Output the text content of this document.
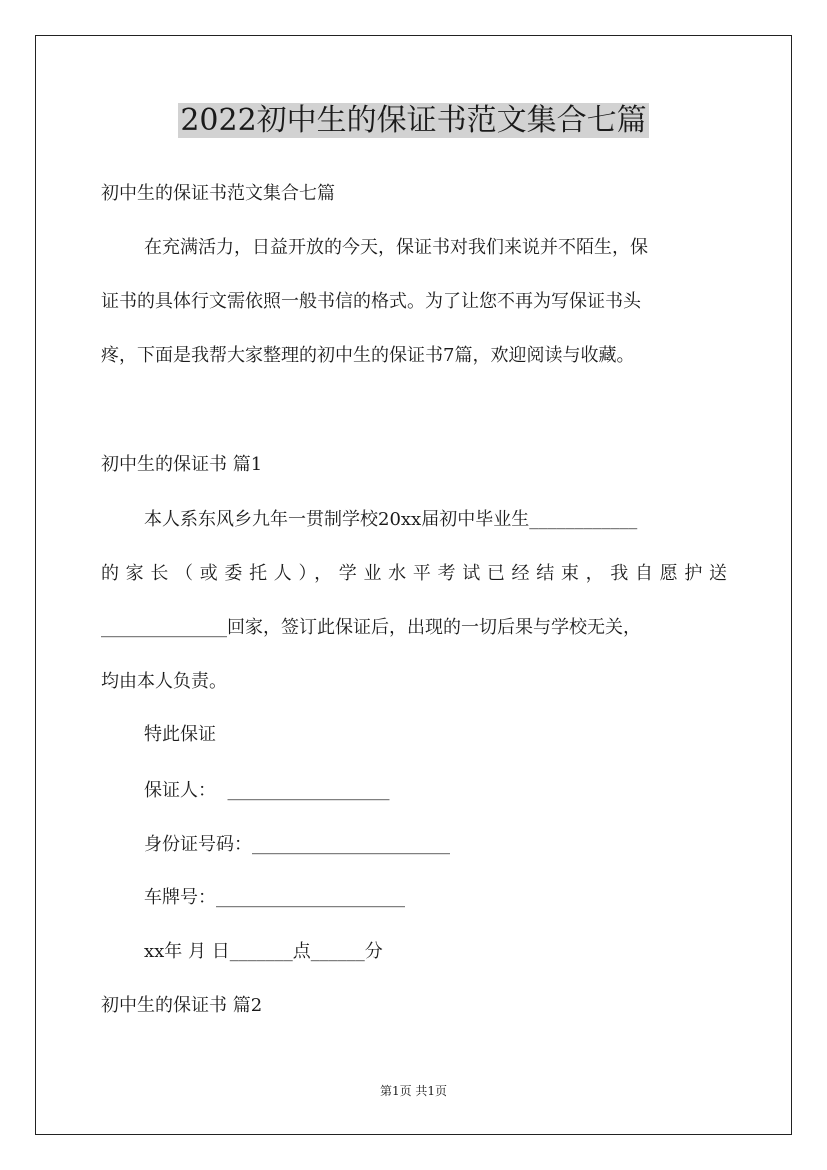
2022初中生的保证书范文集合七篇
初中生的保证书范文集合七篇
在充满活力，日益开放的今天，保证书对我们来说并不陌生，保
证书的具体行文需依照一般书信的格式。为了让您不再为写保证书头
疼，下面是我帮大家整理的初中生的保证书7篇，欢迎阅读与收藏。
初中生的保证书 篇1
本人系东风乡九年一贯制学校20xx届初中毕业生____________
的家长（或委托人），学业水平考试已经结束，我自愿护送
______________回家，签订此保证后，出现的一切后果与学校无关，
均由本人负责。
特此保证
保证人：  __________________
身份证号码：______________________
车牌号：_____________________
xx年 月 日_______点______分
初中生的保证书 篇2
第1页 共1页
